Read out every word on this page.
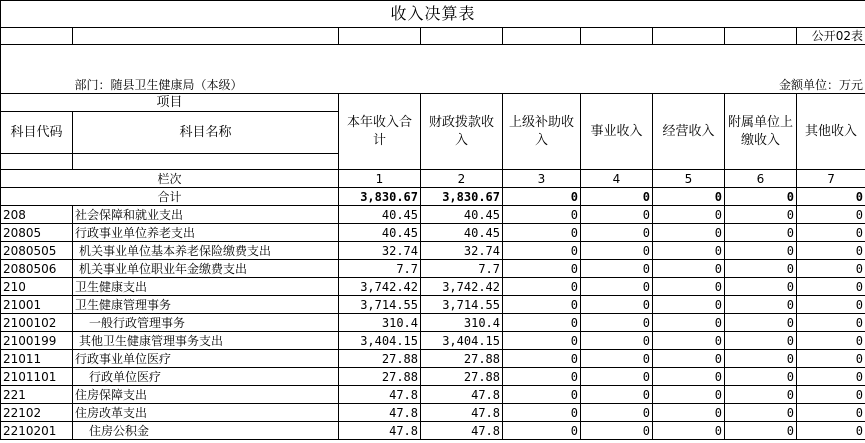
收入决算表								
								公开02表
	部门：随县卫生健康局（本级）					金额单位：万元		
项目		本年收入合计	财政拨款收入	上级补助收入	事业收入	经营收入	附属单位上缴收入	其他收入
科目代码	科目名称							

栏次		1	2	3	4	5	6	7
合计		3,830.67	3,830.67	0	0	0	0	0
208	社会保障和就业支出	40.45	40.45	0	0	0	0	0
20805	行政事业单位养老支出	40.45	40.45	0	0	0	0	0
2080505	机关事业单位基本养老保险缴费支出	32.74	32.74	0	0	0	0	0
2080506	机关事业单位职业年金缴费支出	7.7	7.7	0	0	0	0	0
210	卫生健康支出	3,742.42	3,742.42	0	0	0	0	0
21001	卫生健康管理事务	3,714.55	3,714.55	0	0	0	0	0
2100102	一般行政管理事务	310.4	310.4	0	0	0	0	0
2100199	其他卫生健康管理事务支出	3,404.15	3,404.15	0	0	0	0	0
21011	行政事业单位医疗	27.88	27.88	0	0	0	0	0
2101101	行政单位医疗	27.88	27.88	0	0	0	0	0
221	住房保障支出	47.8	47.8	0	0	0	0	0
22102	住房改革支出	47.8	47.8	0	0	0	0	0
2210201	住房公积金	47.8	47.8	0	0	0	0	0
